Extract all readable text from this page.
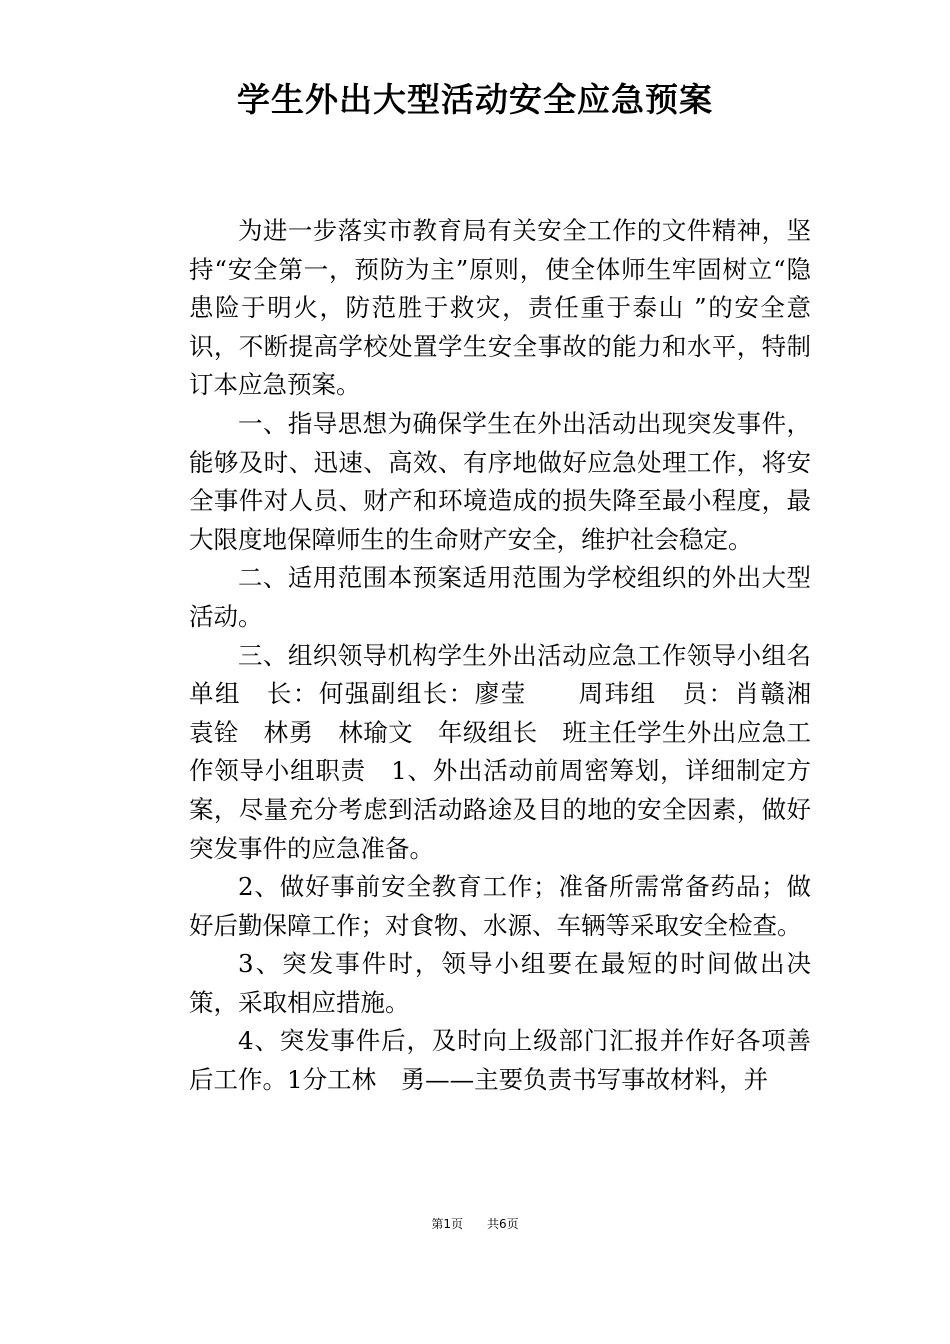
学生外出大型活动安全应急预案

为进一步落实市教育局有关安全工作的文件精神，坚持“安全第一，预防为主”原则，使全体师生牢固树立“隐患险于明火，防范胜于救灾，责任重于泰山 ”的安全意识，不断提高学校处置学生安全事故的能力和水平，特制订本应急预案。

一、指导思想为确保学生在外出活动出现突发事件，能够及时、迅速、高效、有序地做好应急处理工作，将安全事件对人员、财产和环境造成的损失降至最小程度，最大限度地保障师生的生命财产安全，维护社会稳定。

二、适用范围本预案适用范围为学校组织的外出大型活动。

三、组织领导机构学生外出活动应急工作领导小组名单组　长：何强副组长：廖莹　　周玮组　员：肖赣湘　袁铨　林勇　林瑜文　年级组长　班主任学生外出应急工作领导小组职责　1、外出活动前周密筹划，详细制定方案，尽量充分考虑到活动路途及目的地的安全因素，做好突发事件的应急准备。

2、做好事前安全教育工作；准备所需常备药品；做好后勤保障工作；对食物、水源、车辆等采取安全检查。

3、突发事件时，领导小组要在最短的时间做出决策，采取相应措施。

4、突发事件后，及时向上级部门汇报并作好各项善后工作。1分工林　勇——主要负责书写事故材料，并

第1页 共6页
